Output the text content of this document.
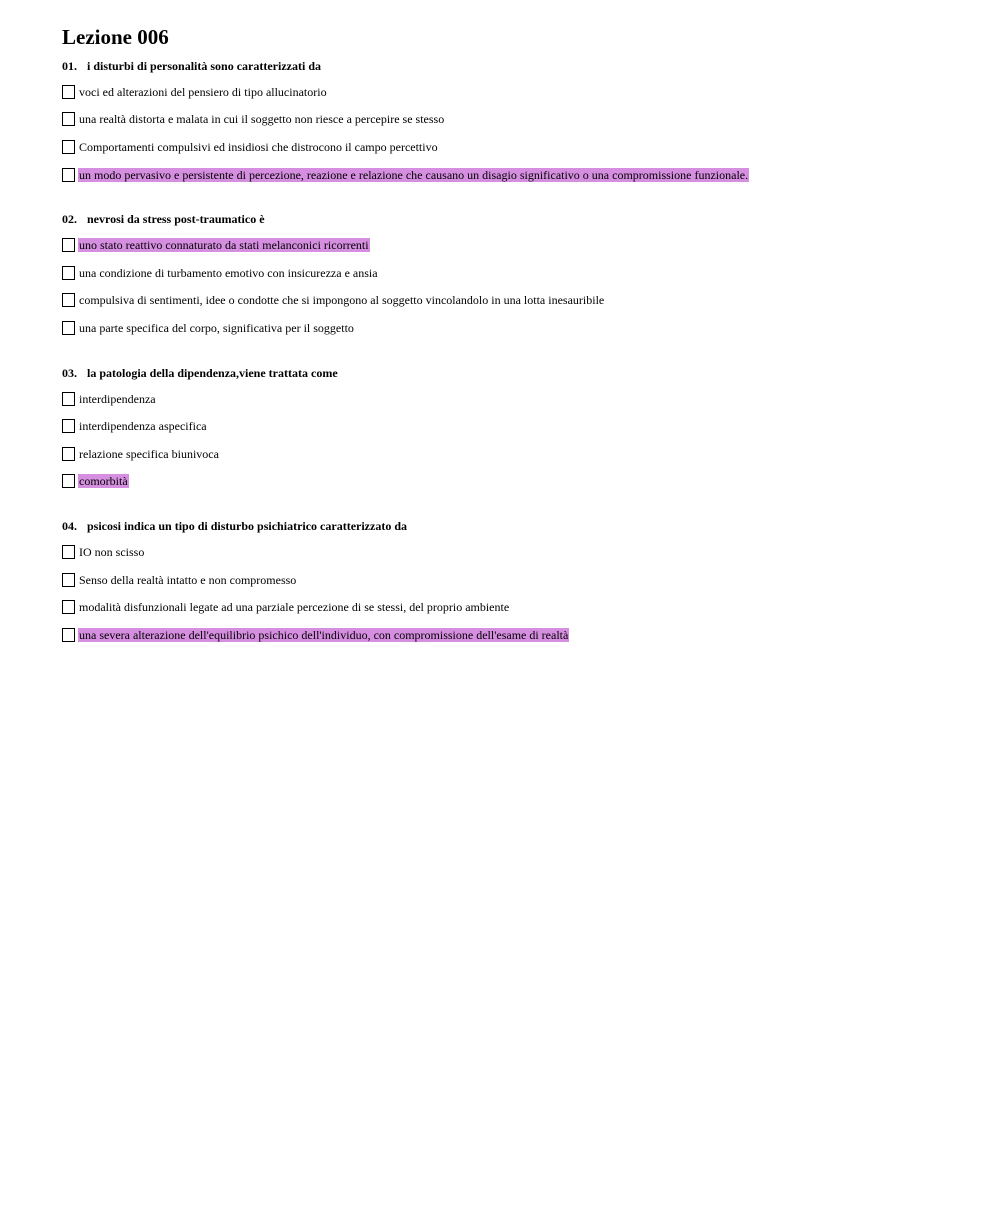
Lezione 006
01. i disturbi di personalità sono caratterizzati da
voci ed alterazioni del pensiero di tipo allucinatorio
una realtà distorta e malata in cui il soggetto non riesce a percepire se stesso
Comportamenti compulsivi ed insidiosi che distrocono il campo percettivo
un modo pervasivo e persistente di percezione, reazione e relazione che causano un disagio significativo o una compromissione funzionale.
02. nevrosi da stress post-traumatico è
uno stato reattivo connaturato da stati melanconici ricorrenti
una condizione di turbamento emotivo con insicurezza e ansia
compulsiva di sentimenti, idee o condotte che si impongono al soggetto vincolandolo in una lotta inesauribile
una parte specifica del corpo, significativa per il soggetto
03. la patologia della dipendenza,viene trattata come
interdipendenza
interdipendenza aspecifica
relazione specifica biunivoca
comorbità
04. psicosi indica un tipo di disturbo psichiatrico caratterizzato da
IO non scisso
Senso della realtà intatto e non compromesso
modalità disfunzionali legate ad una parziale percezione di se stessi, del proprio ambiente
una severa alterazione dell'equilibrio psichico dell'individuo, con compromissione dell'esame di realtà
